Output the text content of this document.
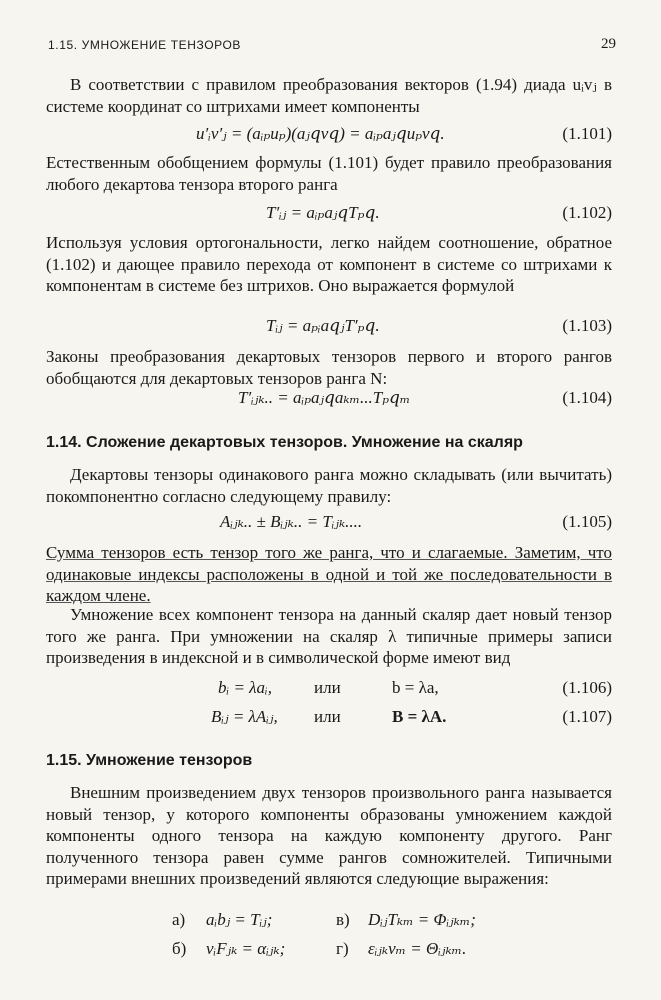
1.15. УМНОЖЕНИЕ ТЕНЗОРОВ	29

В соответствии с правилом преобразования векторов (1.94) диада uᵢvⱼ в системе координат со штрихами имеет компоненты

u′ᵢv′ⱼ = (aᵢₚuₚ)(aⱼ𝑞v𝑞) = aᵢₚaⱼ𝑞uₚv𝑞.	(1.101)

Естественным обобщением формулы (1.101) будет правило преобразования любого декартова тензора второго ранга

T′ᵢⱼ = aᵢₚaⱼ𝑞Tₚ𝑞.	(1.102)

Используя условия ортогональности, легко найдем соотношение, обратное (1.102) и дающее правило перехода от компонент в системе со штрихами к компонентам в системе без штрихов. Оно выражается формулой

Tᵢⱼ = aₚᵢa𝑞ⱼT′ₚ𝑞.	(1.103)

Законы преобразования декартовых тензоров первого и второго рангов обобщаются для декартовых тензоров ранга N:

T′ᵢⱼₖ.. = aᵢₚaⱼ𝑞aₖₘ...Tₚ𝑞ₘ	(1.104)
1.14. Сложение декартовых тензоров. Умножение на скаляр

Декартовы тензоры одинакового ранга можно складывать (или вычитать) покомпонентно согласно следующему правилу:

Aᵢⱼₖ.. ± Bᵢⱼₖ.. = Tᵢⱼₖ....	(1.105)

Сумма тензоров есть тензор того же ранга, что и слагаемые. Заметим, что одинаковые индексы расположены в одной и той же последовательности в каждом члене.

Умножение всех компонент тензора на данный скаляр дает новый тензор того же ранга. При умножении на скаляр λ типичные примеры записи произведения в индексной и в символической форме имеют вид

bᵢ = λaᵢ, или	b = λa,	(1.106)
Bᵢⱼ = λAᵢⱼ, или	B = λA.	(1.107)
1.15. Умножение тензоров

Внешним произведением двух тензоров произвольного ранга называется новый тензор, у которого компоненты образованы умножением каждой компоненты одного тензора на каждую компоненту другого. Ранг полученного тензора равен сумме рангов сомножителей. Типичными примерами внешних произведений являются следующие выражения:

а) aᵢbⱼ = Tᵢⱼ;	в) DᵢⱼTₖₘ = Φᵢⱼₖₘ;
б) vᵢFⱼₖ = αᵢⱼₖ;	г) εᵢⱼₖvₘ = Θᵢⱼₖₘ.
